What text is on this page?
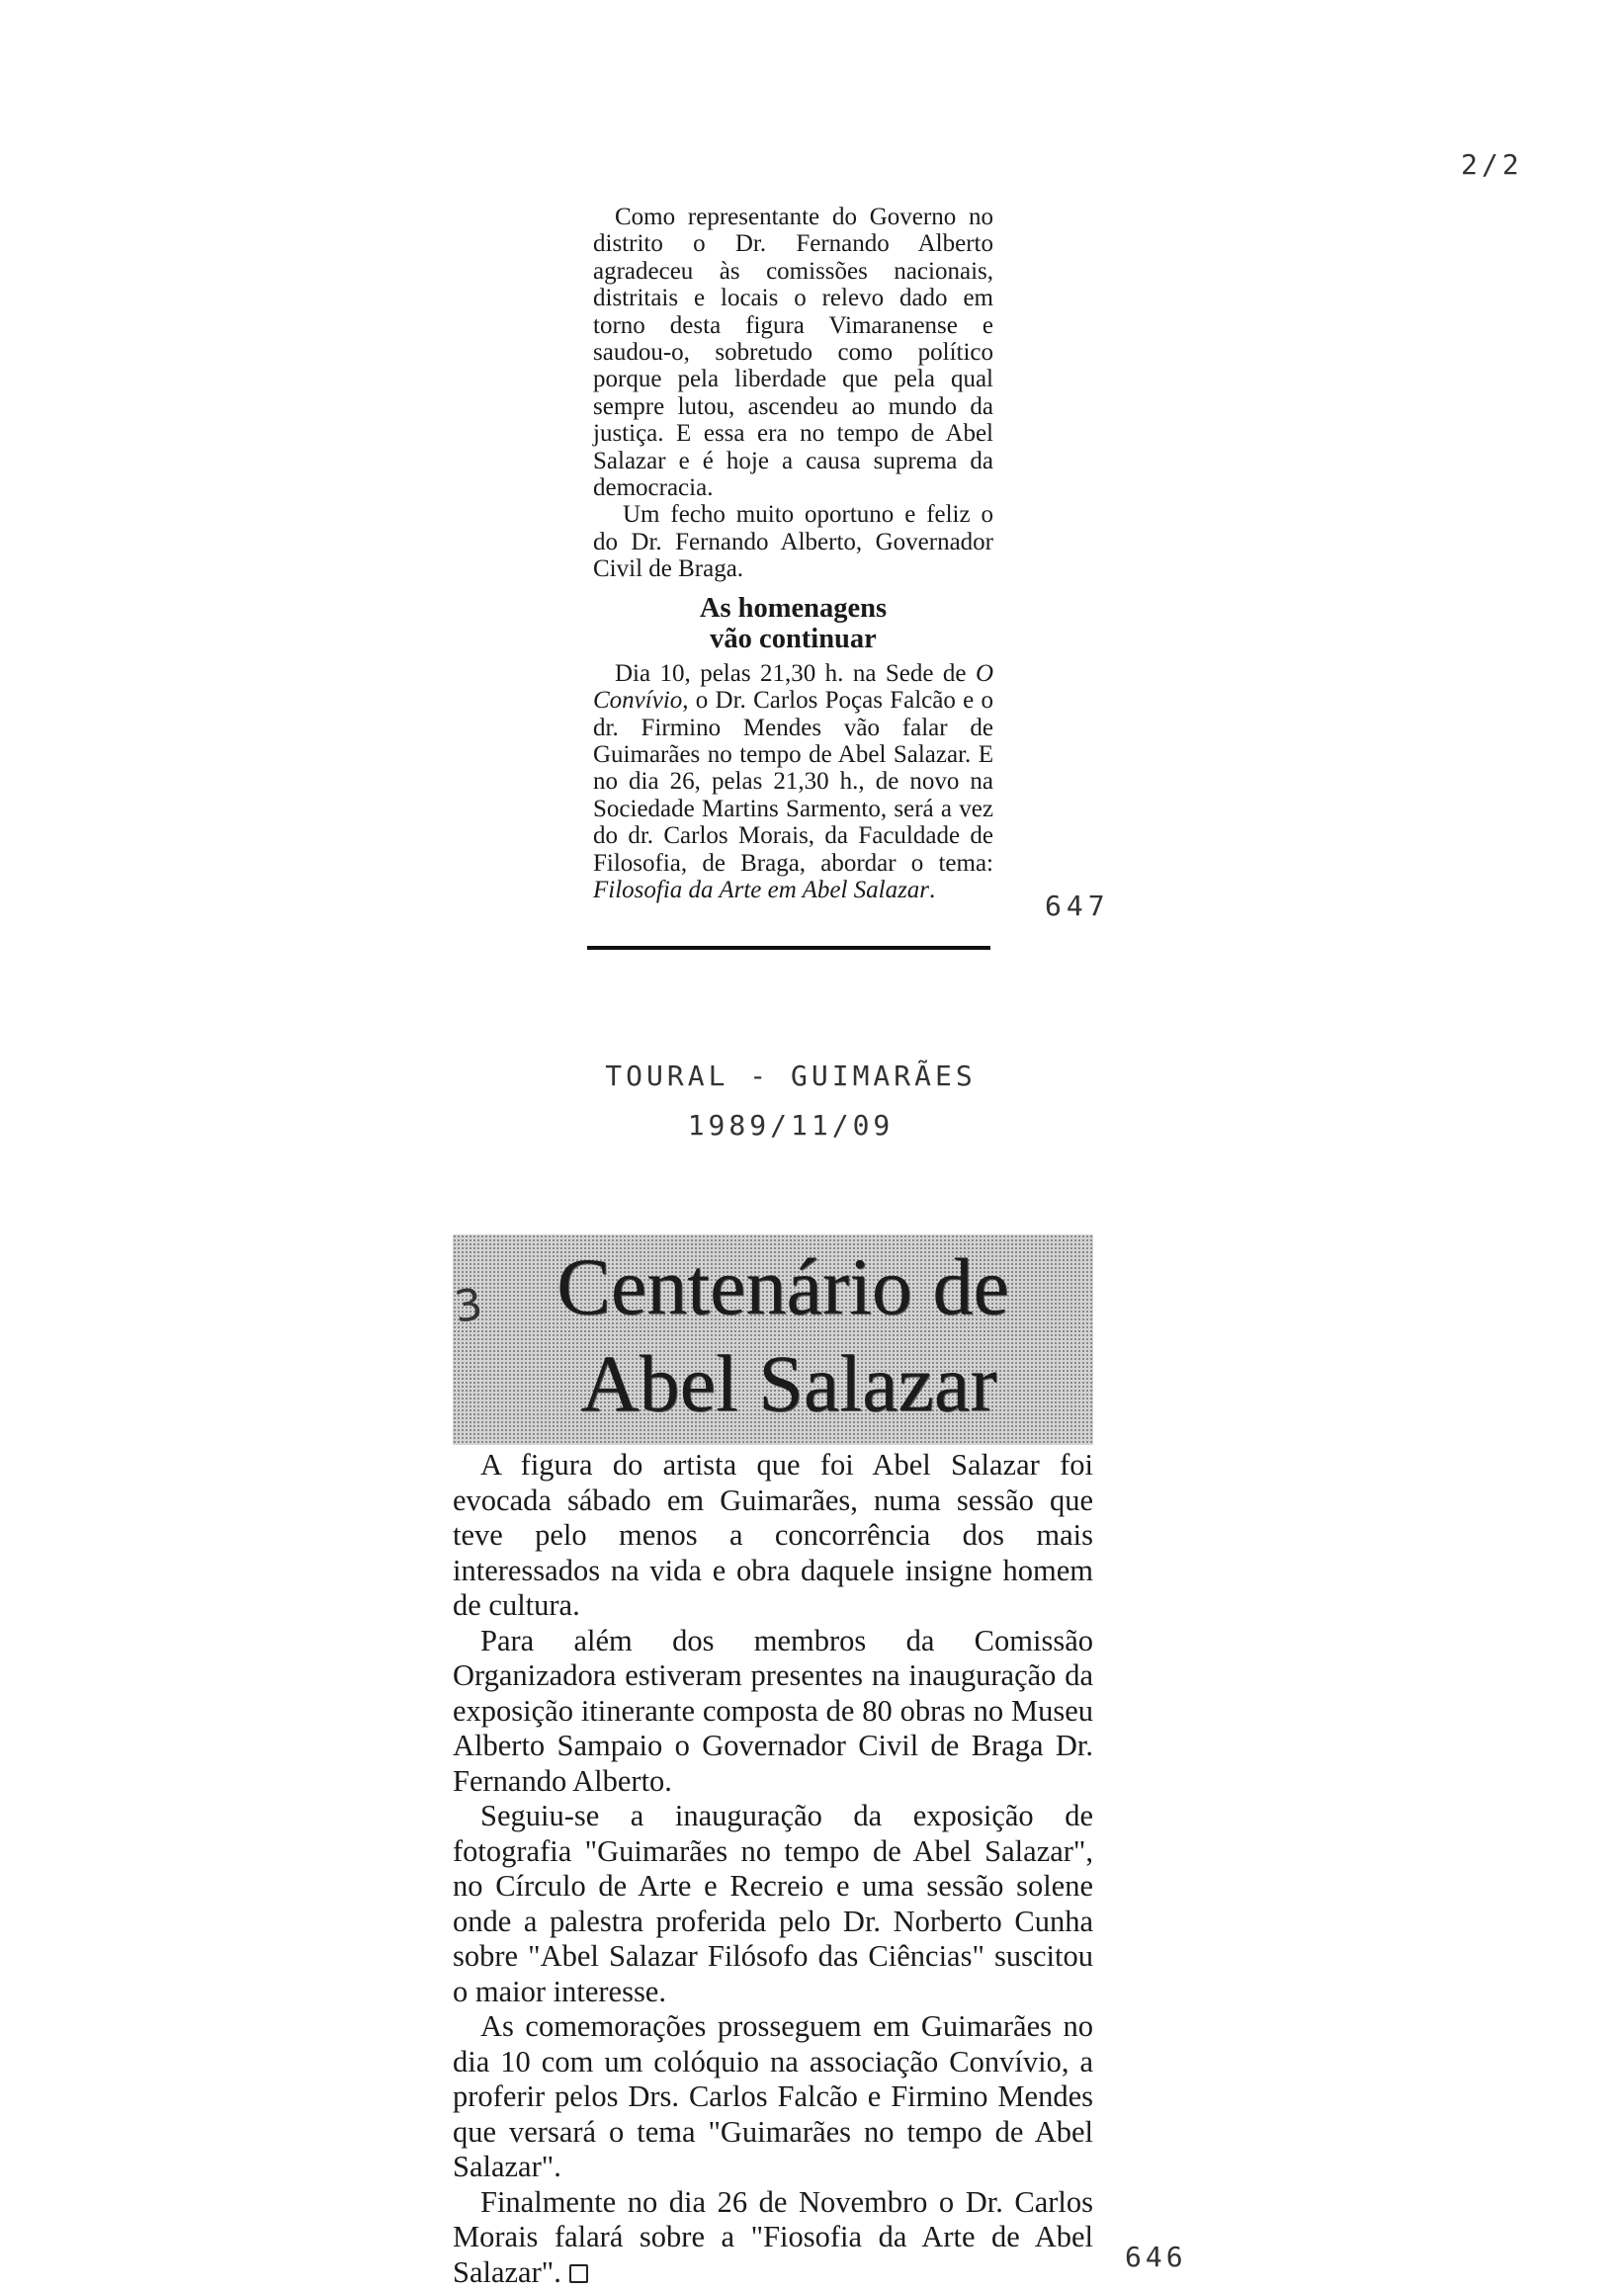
2/2

Como representante do Governo no distrito o Dr. Fernando Alberto agradeceu às comissões nacionais, distritais e locais o relevo dado em torno desta figura Vimaranense e saudou-o, sobretudo como político porque pela liberdade que pela qual sempre lutou, ascendeu ao mundo da justiça. E essa era no tempo de Abel Salazar e é hoje a causa suprema da democracia.

Um fecho muito oportuno e feliz o do Dr. Fernando Alberto, Governador Civil de Braga.

As homenagens
vão continuar

Dia 10, pelas 21,30 h. na Sede de O Convívio, o Dr. Carlos Poças Falcão e o dr. Firmino Mendes vão falar de Guimarães no tempo de Abel Salazar. E no dia 26, pelas 21,30 h., de novo na Sociedade Martins Sarmento, será a vez do dr. Carlos Morais, da Faculdade de Filosofia, de Braga, abordar o tema: Filosofia da Arte em Abel Salazar.	647
TOURAL - GUIMARÃES
1989/11/09
Centenário de
Abel Salazar
3

A figura do artista que foi Abel Salazar foi evocada sábado em Guimarães, numa sessão que teve pelo menos a concorrência dos mais interessados na vida e obra daquele insigne homem de cultura.

Para além dos membros da Comissão Organizadora estiveram presentes na inauguração da exposição itinerante composta de 80 obras no Museu Alberto Sampaio o Governador Civil de Braga Dr. Fernando Alberto.

Seguiu-se a inauguração da exposição de fotografia "Guimarães no tempo de Abel Salazar", no Círculo de Arte e Recreio e uma sessão solene onde a palestra proferida pelo Dr. Norberto Cunha sobre "Abel Salazar Filósofo das Ciências" suscitou o maior interesse.

As comemorações prosseguem em Guimarães no dia 10 com um colóquio na associação Convívio, a proferir pelos Drs. Carlos Falcão e Firmino Mendes que versará o tema "Guimarães no tempo de Abel Salazar".

Finalmente no dia 26 de Novembro o Dr. Carlos Morais falará sobre a "Fiosofia da Arte de Abel Salazar".	646
